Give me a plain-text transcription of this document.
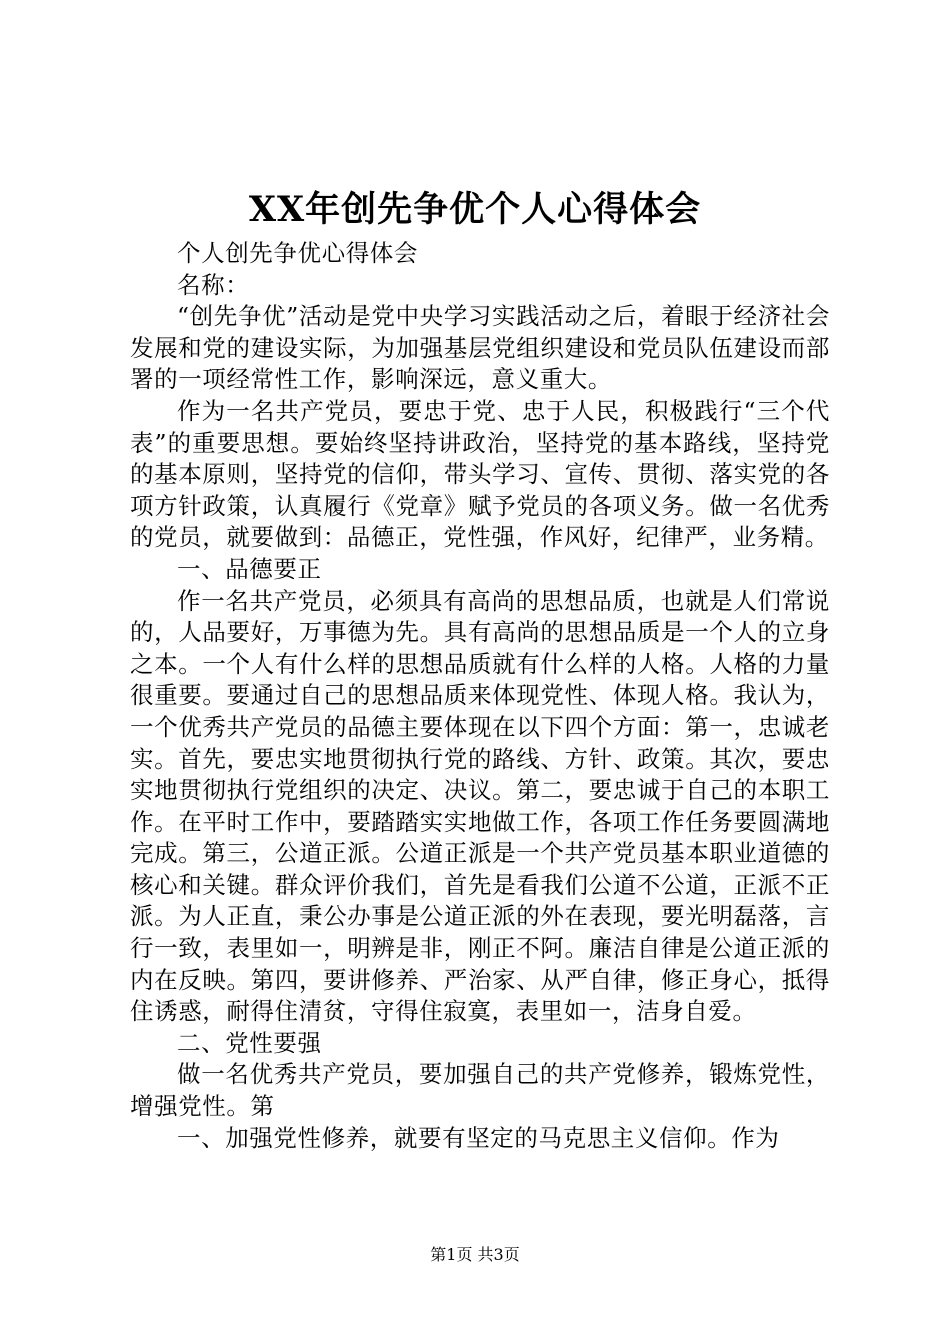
XX年创先争优个人心得体会

个人创先争优心得体会

名称：

“创先争优”活动是党中央学习实践活动之后，着眼于经济社会发展和党的建设实际，为加强基层党组织建设和党员队伍建设而部署的一项经常性工作，影响深远，意义重大。

作为一名共产党员，要忠于党、忠于人民，积极践行“三个代表”的重要思想。要始终坚持讲政治，坚持党的基本路线，坚持党的基本原则，坚持党的信仰，带头学习、宣传、贯彻、落实党的各项方针政策，认真履行《党章》赋予党员的各项义务。做一名优秀的党员，就要做到：品德正，党性强，作风好，纪律严，业务精。

一、品德要正

作一名共产党员，必须具有高尚的思想品质，也就是人们常说的，人品要好，万事德为先。具有高尚的思想品质是一个人的立身之本。一个人有什么样的思想品质就有什么样的人格。人格的力量很重要。要通过自己的思想品质来体现党性、体现人格。我认为，一个优秀共产党员的品德主要体现在以下四个方面：第一，忠诚老实。首先，要忠实地贯彻执行党的路线、方针、政策。其次，要忠实地贯彻执行党组织的决定、决议。第二，要忠诚于自己的本职工作。在平时工作中，要踏踏实实地做工作，各项工作任务要圆满地完成。第三，公道正派。公道正派是一个共产党员基本职业道德的核心和关键。群众评价我们，首先是看我们公道不公道，正派不正派。为人正直，秉公办事是公道正派的外在表现，要光明磊落，言行一致，表里如一，明辨是非，刚正不阿。廉洁自律是公道正派的内在反映。第四，要讲修养、严治家、从严自律，修正身心，抵得住诱惑，耐得住清贫，守得住寂寞，表里如一，洁身自爱。

二、党性要强

做一名优秀共产党员，要加强自己的共产党修养，锻炼党性，增强党性。第

一、加强党性修养，就要有坚定的马克思主义信仰。作为

第1页 共3页
